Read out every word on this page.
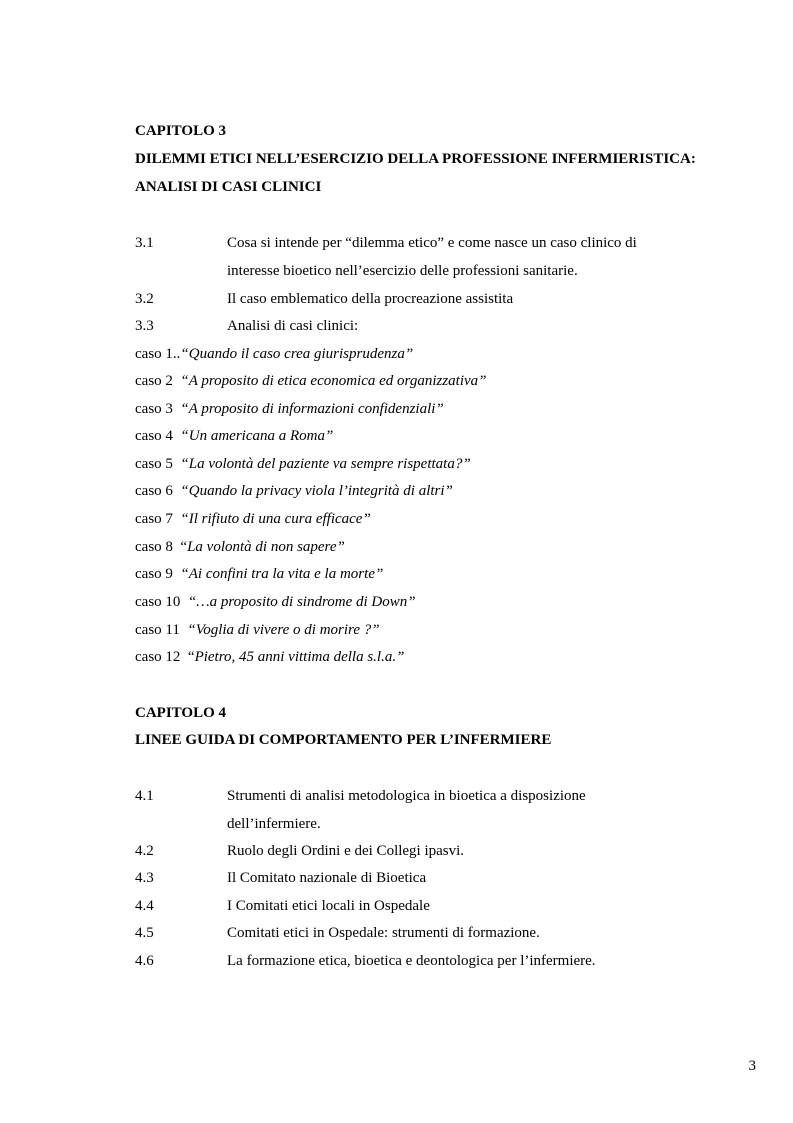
CAPITOLO 3
DILEMMI ETICI NELL’ESERCIZIO DELLA PROFESSIONE INFERMIERISTICA:
ANALISI DI CASI CLINICI
3.1	Cosa si intende per “dilemma etico” e come nasce un caso clinico di
interesse bioetico nell’esercizio delle professioni sanitarie.
3.2	Il caso emblematico della procreazione assistita
3.3	Analisi di casi clinici:
caso 1..“Quando il caso crea giurisprudenza”
caso 2  “A proposito di etica economica ed organizzativa”
caso 3  “A proposito di informazioni confidenziali”
caso 4  “Un americana a Roma”
caso 5  “La volontà del paziente va sempre rispettata?”
caso 6  “Quando la privacy viola l’integrità di altri”
caso 7  “Il rifiuto di una cura efficace”
caso 8  “La volontà di non sapere”
caso 9  “Ai confini tra la vita e la morte”
caso 10  “…a proposito di sindrome di Down”
caso 11  “Voglia di vivere o di morire ?”
caso 12  “Pietro, 45 anni vittima della s.l.a.”
CAPITOLO 4
LINEE GUIDA DI COMPORTAMENTO PER L’INFERMIERE
4.1	Strumenti di analisi metodologica in bioetica a disposizione
dell’infermiere.
4.2	Ruolo degli Ordini e dei Collegi ipasvi.
4.3	Il Comitato nazionale di Bioetica
4.4	I Comitati etici locali in Ospedale
4.5	Comitati etici in Ospedale: strumenti di formazione.
4.6	La formazione etica, bioetica e deontologica per l’infermiere.
3
